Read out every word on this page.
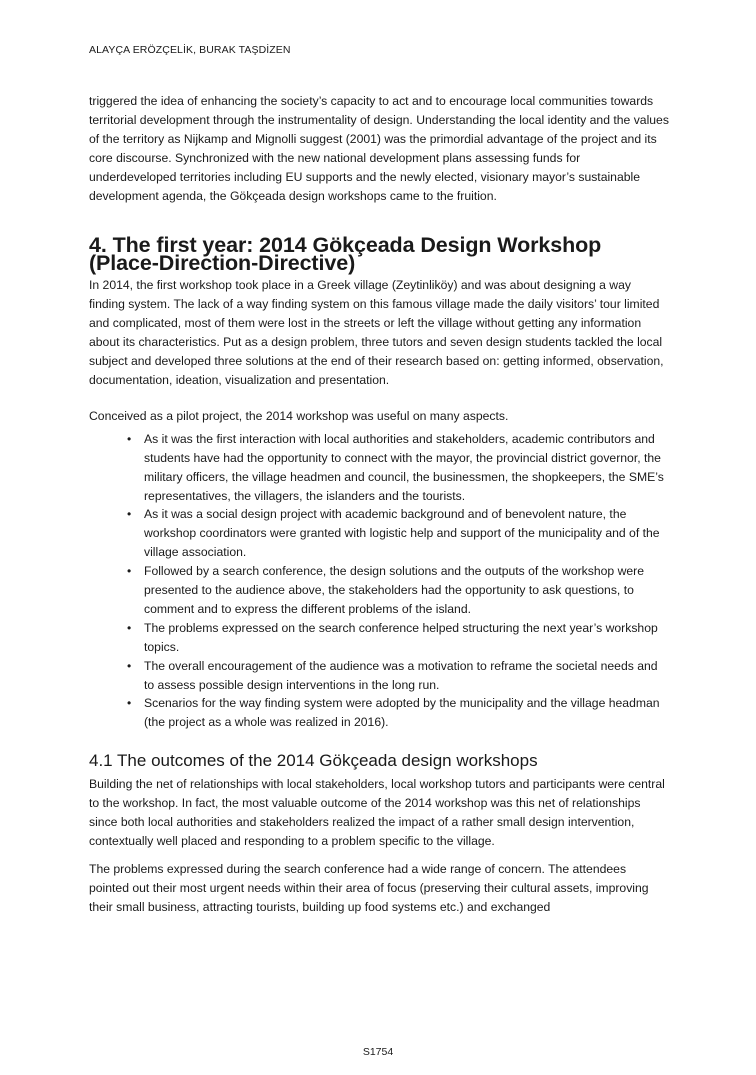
ALAYÇA ERÖZÇELİK, BURAK TAŞDİZEN

triggered the idea of enhancing the society’s capacity to act and to encourage local communities towards territorial development through the instrumentality of design. Understanding the local identity and the values of the territory as Nijkamp and Mignolli suggest (2001) was the primordial advantage of the project and its core discourse. Synchronized with the new national development plans assessing funds for underdeveloped territories including EU supports and the newly elected, visionary mayor’s sustainable development agenda, the Gökçeada design workshops came to the fruition.

4. The first year: 2014 Gökçeada Design Workshop
(Place-Direction-Directive)

In 2014, the first workshop took place in a Greek village (Zeytinliköy) and was about designing a way finding system. The lack of a way finding system on this famous village made the daily visitors’ tour limited and complicated, most of them were lost in the streets or left the village without getting any information about its characteristics. Put as a design problem, three tutors and seven design students tackled the local subject and developed three solutions at the end of their research based on: getting informed, observation, documentation, ideation, visualization and presentation.

Conceived as a pilot project, the 2014 workshop was useful on many aspects.

• As it was the first interaction with local authorities and stakeholders, academic contributors and students have had the opportunity to connect with the mayor, the provincial district governor, the military officers, the village headmen and council, the businessmen, the shopkeepers, the SME’s representatives, the villagers, the islanders and the tourists.
• As it was a social design project with academic background and of benevolent nature, the workshop coordinators were granted with logistic help and support of the municipality and of the village association.
• Followed by a search conference, the design solutions and the outputs of the workshop were presented to the audience above, the stakeholders had the opportunity to ask questions, to comment and to express the different problems of the island.
• The problems expressed on the search conference helped structuring the next year’s workshop topics.
• The overall encouragement of the audience was a motivation to reframe the societal needs and to assess possible design interventions in the long run.
• Scenarios for the way finding system were adopted by the municipality and the village headman (the project as a whole was realized in 2016).
4.1 The outcomes of the 2014 Gökçeada design workshops

Building the net of relationships with local stakeholders, local workshop tutors and participants were central to the workshop. In fact, the most valuable outcome of the 2014 workshop was this net of relationships since both local authorities and stakeholders realized the impact of a rather small design intervention, contextually well placed and responding to a problem specific to the village.

The problems expressed during the search conference had a wide range of concern. The attendees pointed out their most urgent needs within their area of focus (preserving their cultural assets, improving their small business, attracting tourists, building up food systems etc.) and exchanged

S1754
